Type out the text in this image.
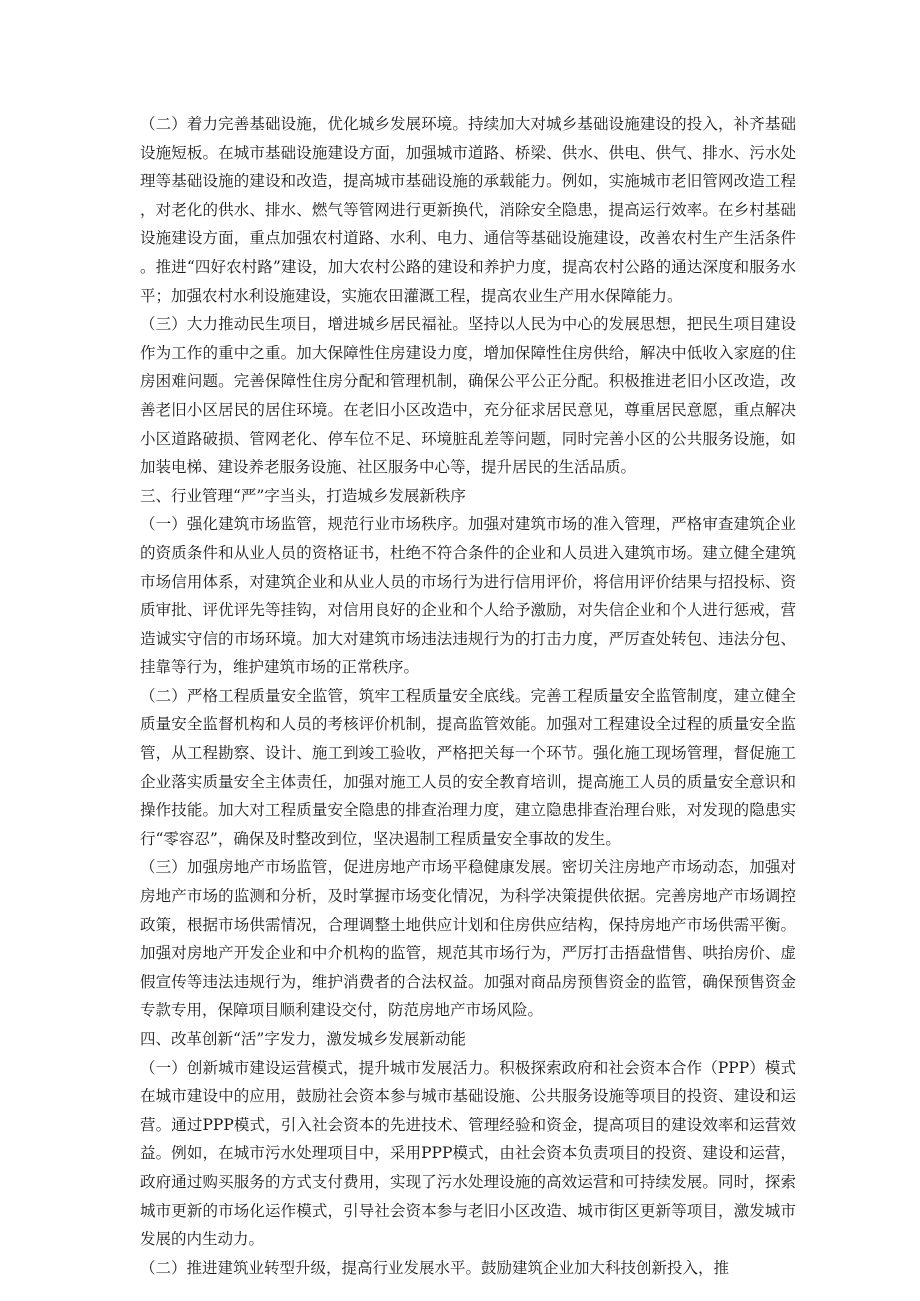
（二）着力完善基础设施，优化城乡发展环境。持续加大对城乡基础设施建设的投入，补齐基础设施短板。在城市基础设施建设方面，加强城市道路、桥梁、供水、供电、供气、排水、污水处理等基础设施的建设和改造，提高城市基础设施的承载能力。例如，实施城市老旧管网改造工程，对老化的供水、排水、燃气等管网进行更新换代，消除安全隐患，提高运行效率。在乡村基础设施建设方面，重点加强农村道路、水利、电力、通信等基础设施建设，改善农村生产生活条件。推进“四好农村路”建设，加大农村公路的建设和养护力度，提高农村公路的通达深度和服务水平；加强农村水利设施建设，实施农田灌溉工程，提高农业生产用水保障能力。

（三）大力推动民生项目，增进城乡居民福祉。坚持以人民为中心的发展思想，把民生项目建设作为工作的重中之重。加大保障性住房建设力度，增加保障性住房供给，解决中低收入家庭的住房困难问题。完善保障性住房分配和管理机制，确保公平公正分配。积极推进老旧小区改造，改善老旧小区居民的居住环境。在老旧小区改造中，充分征求居民意见，尊重居民意愿，重点解决小区道路破损、管网老化、停车位不足、环境脏乱差等问题，同时完善小区的公共服务设施，如加装电梯、建设养老服务设施、社区服务中心等，提升居民的生活品质。

三、行业管理“严”字当头，打造城乡发展新秩序

（一）强化建筑市场监管，规范行业市场秩序。加强对建筑市场的准入管理，严格审查建筑企业的资质条件和从业人员的资格证书，杜绝不符合条件的企业和人员进入建筑市场。建立健全建筑市场信用体系，对建筑企业和从业人员的市场行为进行信用评价，将信用评价结果与招投标、资质审批、评优评先等挂钩，对信用良好的企业和个人给予激励，对失信企业和个人进行惩戒，营造诚实守信的市场环境。加大对建筑市场违法违规行为的打击力度，严厉查处转包、违法分包、挂靠等行为，维护建筑市场的正常秩序。

（二）严格工程质量安全监管，筑牢工程质量安全底线。完善工程质量安全监管制度，建立健全质量安全监督机构和人员的考核评价机制，提高监管效能。加强对工程建设全过程的质量安全监管，从工程勘察、设计、施工到竣工验收，严格把关每一个环节。强化施工现场管理，督促施工企业落实质量安全主体责任，加强对施工人员的安全教育培训，提高施工人员的质量安全意识和操作技能。加大对工程质量安全隐患的排查治理力度，建立隐患排查治理台账，对发现的隐患实行“零容忍”，确保及时整改到位，坚决遏制工程质量安全事故的发生。

（三）加强房地产市场监管，促进房地产市场平稳健康发展。密切关注房地产市场动态，加强对房地产市场的监测和分析，及时掌握市场变化情况，为科学决策提供依据。完善房地产市场调控政策，根据市场供需情况，合理调整土地供应计划和住房供应结构，保持房地产市场供需平衡。加强对房地产开发企业和中介机构的监管，规范其市场行为，严厉打击捂盘惜售、哄抬房价、虚假宣传等违法违规行为，维护消费者的合法权益。加强对商品房预售资金的监管，确保预售资金专款专用，保障项目顺利建设交付，防范房地产市场风险。

四、改革创新“活”字发力，激发城乡发展新动能

（一）创新城市建设运营模式，提升城市发展活力。积极探索政府和社会资本合作（PPP）模式在城市建设中的应用，鼓励社会资本参与城市基础设施、公共服务设施等项目的投资、建设和运营。通过PPP模式，引入社会资本的先进技术、管理经验和资金，提高项目的建设效率和运营效益。例如，在城市污水处理项目中，采用PPP模式，由社会资本负责项目的投资、建设和运营，政府通过购买服务的方式支付费用，实现了污水处理设施的高效运营和可持续发展。同时，探索城市更新的市场化运作模式，引导社会资本参与老旧小区改造、城市街区更新等项目，激发城市发展的内生动力。

（二）推进建筑业转型升级，提高行业发展水平。鼓励建筑企业加大科技创新投入，推
